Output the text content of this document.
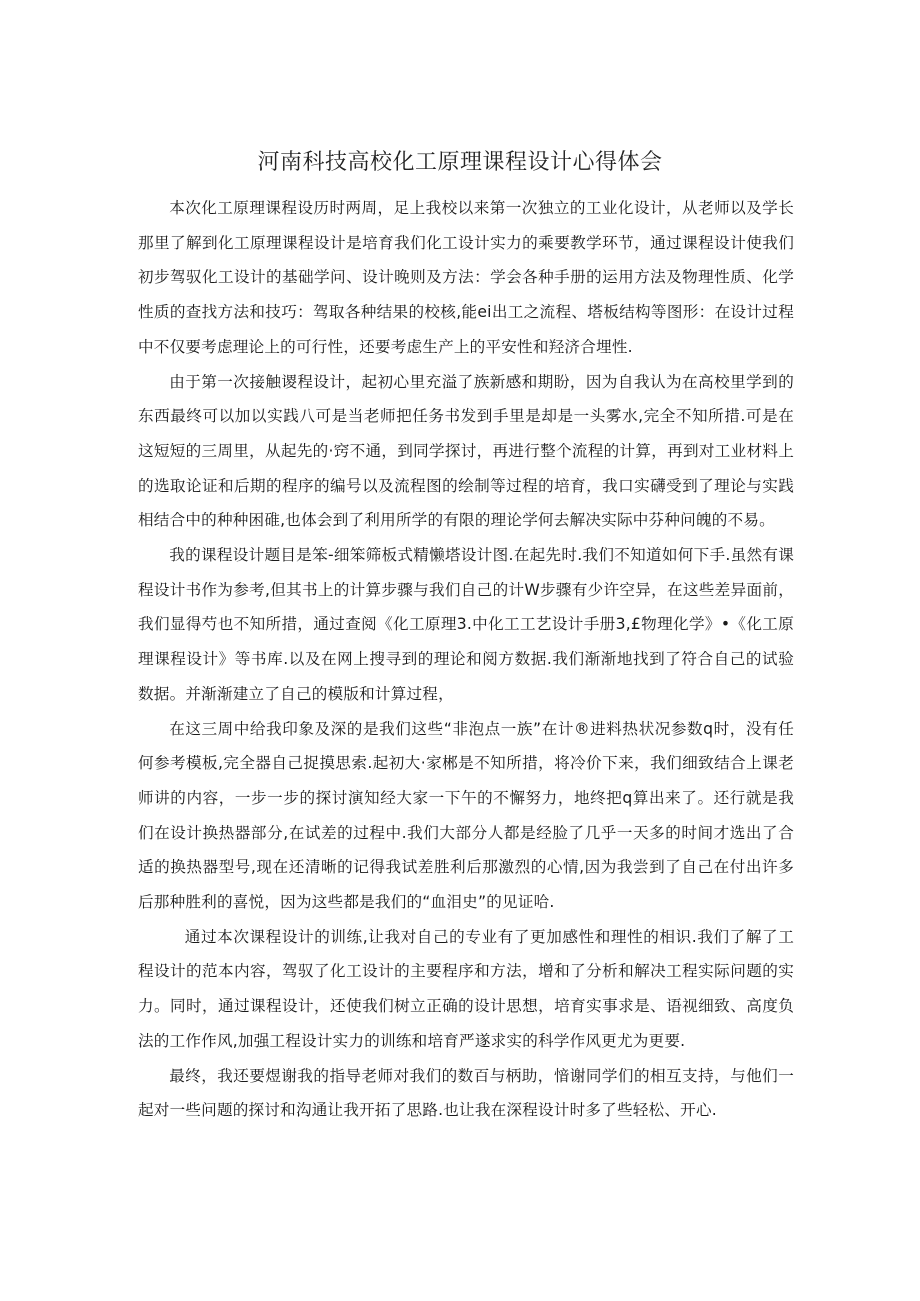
河南科技高校化工原理课程设计心得体会

本次化工原理课程设历时两周，足上我校以来第一次独立的工业化设计，从老师以及学长那里了解到化工原理课程设计是培育我们化工设计实力的乘要教学环节，通过课程设计使我们初步驾驭化工设计的基础学问、设计晚则及方法：学会各种手册的运用方法及物理性质、化学性质的查找方法和技巧：驾取各种结果的校核,能ei出工之流程、塔板结构等图形：在设计过程中不仅要考虑理论上的可行性，还要考虑生产上的平安性和羟济合埋性.

由于第一次接触谡程设计，起初心里充溢了族新感和期盼，因为自我认为在高校里学到的东西最终可以加以实践八可是当老师把任务书发到手里是却是一头雾水,完全不知所措.可是在这短短的三周里，从起先的·窍不通，到同学探讨，再进行整个流程的计算，再到对工业材料上的选取论证和后期的程序的编号以及流程图的绘制等过程的培育，我口实礴受到了理论与实践相结合中的种种困碓,也体会到了利用所学的有限的理论学何去解决实际中芬种问魄的不易。

我的课程设计题目是笨-细笨筛板式精懒塔设计图.在起先时.我们不知道如何下手.虽然有课程设计书作为参考,但其书上的计算步骤与我们自己的计W步骤有少许空异，在这些差异面前，我们显得芍也不知所措，通过查阅《化工原理3.中化工工艺设计手册3,£物理化学》•《化工原理课程设计》等书库.以及在网上搜寻到的理论和阅方数据.我们渐渐地找到了符合自己的试验数据。并渐渐建立了自己的模版和计算过程，

在这三周中给我印象及深的是我们这些“非泡点一族”在计®进料热状况参数q时，没有任何参考模板,完全器自己捉摸思索.起初大·家郴是不知所措，将冷价下来，我们细致结合上课老师讲的内容，一步一步的探讨演知经大家一下午的不懈努力，地终把q算出来了。还行就是我们在设计换热器部分,在试差的过程中.我们大部分人都是经脸了几乎一天多的时间才选出了合适的换热器型号,现在还清晰的记得我试差胜利后那激烈的心情,因为我尝到了自己在付出许多后那种胜利的喜悦，因为这些都是我们的“血泪史”的见证哈.

通过本次课程设计的训练,让我对自己的专业有了更加感性和理性的相识.我们了解了工程设计的范本内容，驾驭了化工设计的主要程序和方法，增和了分析和解决工程实际问题的实力。同时，通过课程设计，还使我们树立正确的设计思想，培育实事求是、语视细致、高度负法的工作作风,加强工程设计实力的训练和培育严遂求实的科学作风更尤为更要.

最终，我还要煜谢我的指导老师对我们的数百与柄助，愔谢同学们的相互支持，与他们一起对一些问题的探讨和沟通让我开拓了思路.也让我在深程设计时多了些轻松、开心.
